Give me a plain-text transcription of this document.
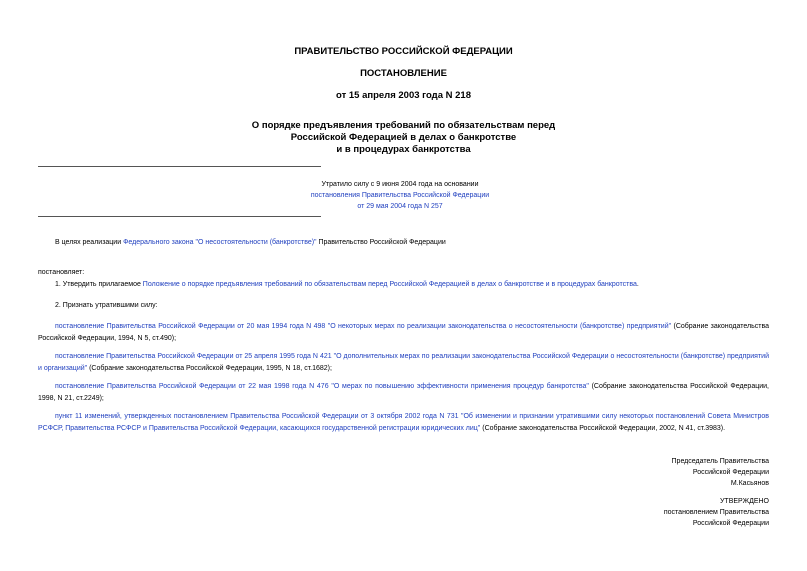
ПРАВИТЕЛЬСТВО РОССИЙСКОЙ ФЕДЕРАЦИИ
ПОСТАНОВЛЕНИЕ
от 15 апреля 2003 года N 218
О порядке предъявления требований по обязательствам перед
Российской Федерацией в делах о банкротстве
и в процедурах банкротства
Утратило силу с 9 июня 2004 года на основании
постановления Правительства Российской Федерации
от 29 мая 2004 года N 257
В целях реализации Федерального закона "О несостоятельности (банкротстве)" Правительство Российской Федерации
постановляет:
1. Утвердить прилагаемое Положение о порядке предъявления требований по обязательствам перед Российской Федерацией в делах о банкротстве и в процедурах банкротства.
2. Признать утратившими силу:
постановление Правительства Российской Федерации от 20 мая 1994 года N 498 "О некоторых мерах по реализации законодательства о несостоятельности (банкротстве) предприятий" (Собрание законодательства Российской Федерации, 1994, N 5, ст.490);
постановление Правительства Российской Федерации от 25 апреля 1995 года N 421 "О дополнительных мерах по реализации законодательства Российской Федерации о несостоятельности (банкротстве) предприятий и организаций" (Собрание законодательства Российской Федерации, 1995, N 18, ст.1682);
постановление Правительства Российской Федерации от 22 мая 1998 года N 476 "О мерах по повышению эффективности применения процедур банкротства" (Собрание законодательства Российской Федерации, 1998, N 21, ст.2249);
пункт 11 изменений, утвержденных постановлением Правительства Российской Федерации от 3 октября 2002 года N 731 "Об изменении и признании утратившими силу некоторых постановлений Совета Министров РСФСР, Правительства РСФСР и Правительства Российской Федерации, касающихся государственной регистрации юридических лиц" (Собрание законодательства Российской Федерации, 2002, N 41, ст.3983).
Председатель Правительства
Российской Федерации
М.Касьянов
УТВЕРЖДЕНО
постановлением Правительства
Российской Федерации
